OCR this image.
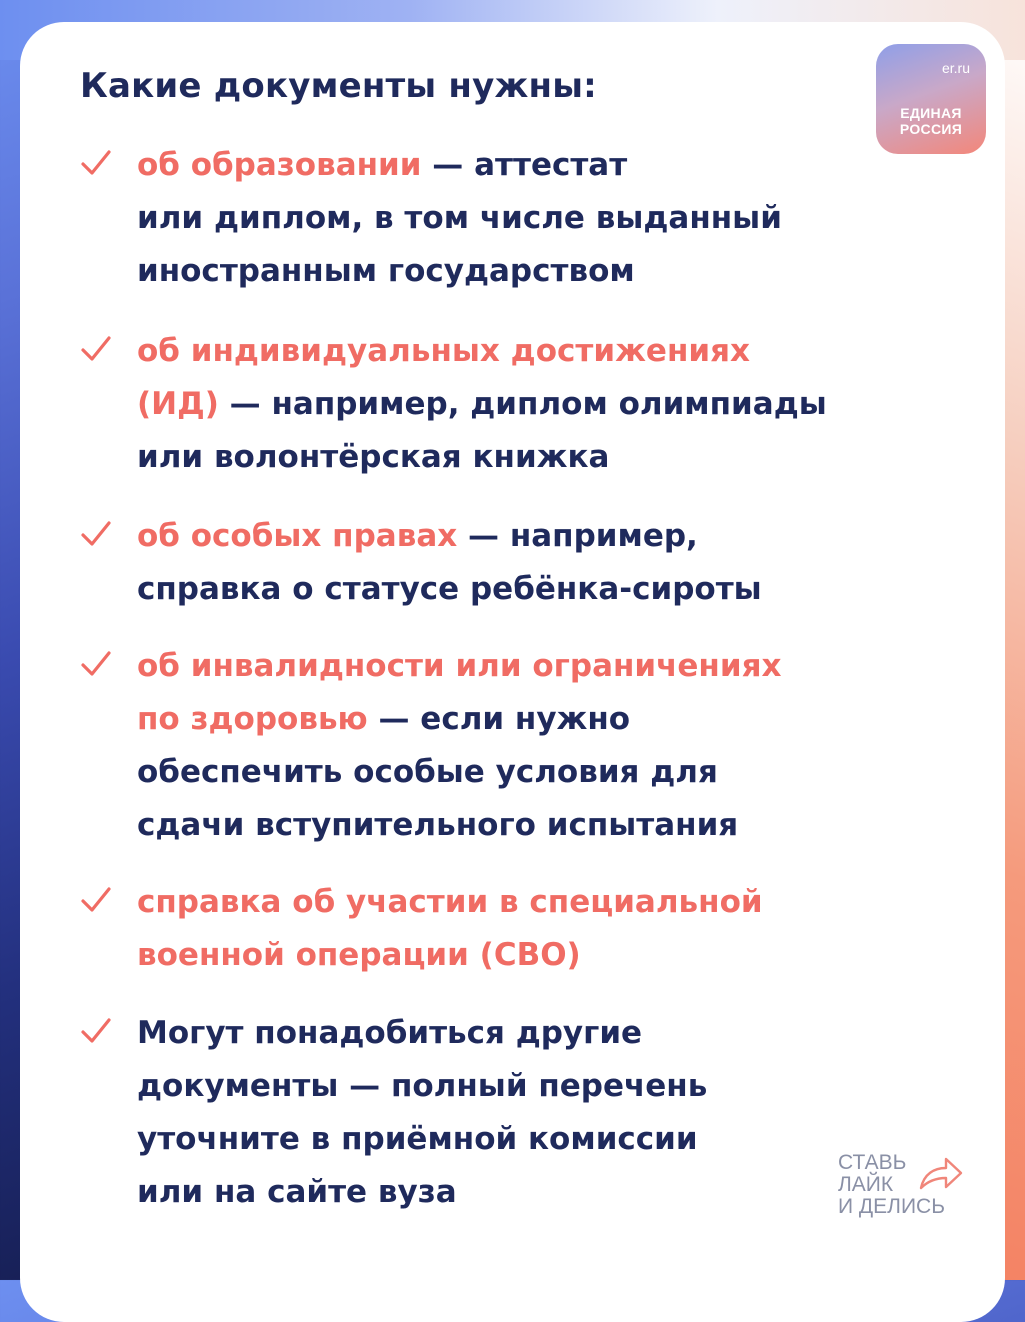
Какие документы нужны:	er.ru
ЕДИНАЯ
РОССИЯ
об образовании — аттестат
или диплом, в том числе выданный
иностранным государством
об индивидуальных достижениях
(ИД) — например, диплом олимпиады
или волонтёрская книжка
об особых правах — например,
справка о статусе ребёнка-сироты
об инвалидности или ограничениях
по здоровью — если нужно
обеспечить особые условия для
сдачи вступительного испытания
справка об участии в специальной
военной операции (СВО)
Могут понадобиться другие
документы — полный перечень
уточните в приёмной комиссии
или на сайте вуза
СТАВЬ
ЛАЙК
И ДЕЛИСЬ
